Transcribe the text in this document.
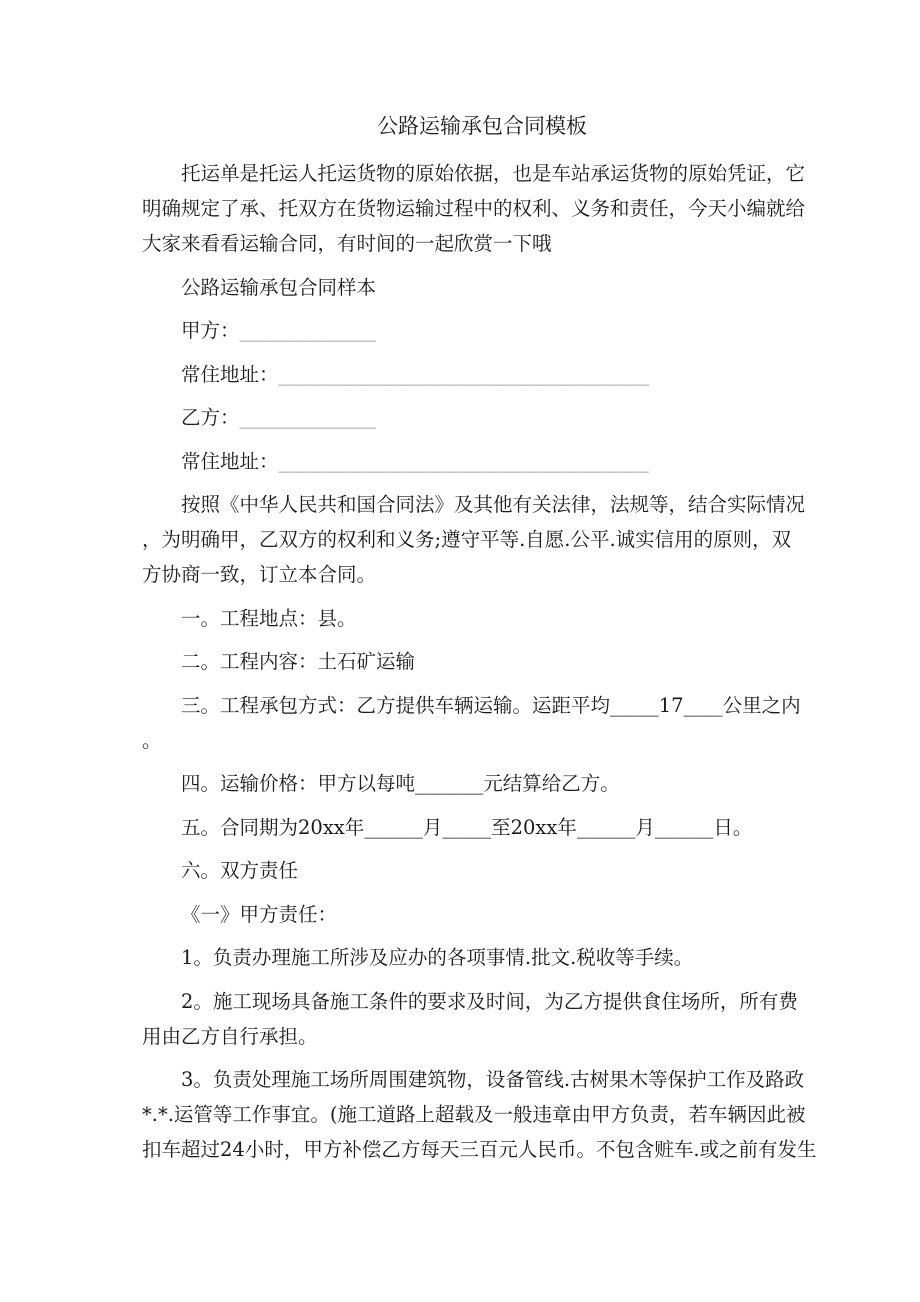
公路运输承包合同模板
托运单是托运人托运货物的原始依据，也是车站承运货物的原始凭证，它
明确规定了承、托双方在货物运输过程中的权利、义务和责任，今天小编就给
大家来看看运输合同，有时间的一起欣赏一下哦
公路运输承包合同样本
甲方：______________
常住地址：______________________________________
乙方：______________
常住地址：______________________________________
按照《中华人民共和国合同法》及其他有关法律，法规等，结合实际情况
，为明确甲，乙双方的权利和义务;遵守平等.自愿.公平.诚实信用的原则，双
方协商一致，订立本合同。
一。工程地点：县。
二。工程内容：土石矿运输
三。工程承包方式：乙方提供车辆运输。运距平均_____17____公里之内
。
四。运输价格：甲方以每吨_______元结算给乙方。
五。合同期为20xx年______月_____至20xx年______月______日。
六。双方责任
《一》甲方责任：
1。负责办理施工所涉及应办的各项事情.批文.税收等手续。
2。施工现场具备施工条件的要求及时间，为乙方提供食住场所，所有费
用由乙方自行承担。
3。负责处理施工场所周围建筑物，设备管线.古树果木等保护工作及路政
*.*.运管等工作事宜。(施工道路上超载及一般违章由甲方负责，若车辆因此被
扣车超过24小时，甲方补偿乙方每天三百元人民币。不包含赃车.或之前有发生
